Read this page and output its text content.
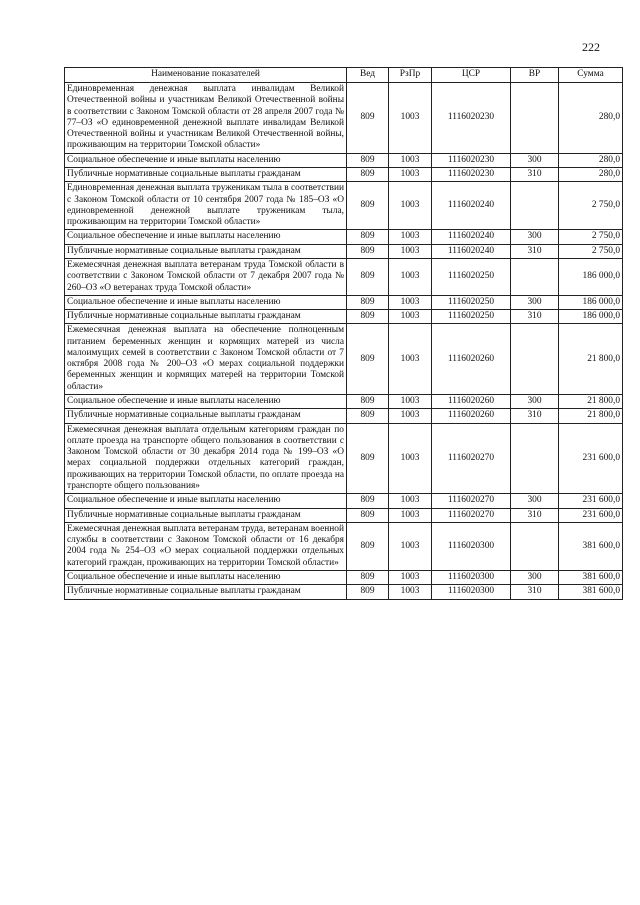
222
Наименование показателей	Вед	РзПр	ЦСР	ВР	Сумма
Единовременная денежная выплата инвалидам Великой Отечественной войны и участникам Великой Отечественной войны в соответствии с Законом Томской области от 28 апреля 2007 года № 77–ОЗ «О единовременной денежной выплате инвалидам Великой Отечественной войны и участникам Великой Отечественной войны, проживающим на территории Томской области»	809	1003	1116020230		280,0
Социальное обеспечение и иные выплаты населению	809	1003	1116020230	300	280,0
Публичные нормативные социальные выплаты гражданам	809	1003	1116020230	310	280,0
Единовременная денежная выплата труженикам тыла в соответствии с Законом Томской области от 10 сентября 2007 года № 185–ОЗ «О единовременной денежной выплате труженикам тыла, проживающим на территории Томской области»	809	1003	1116020240		2 750,0
Социальное обеспечение и иные выплаты населению	809	1003	1116020240	300	2 750,0
Публичные нормативные социальные выплаты гражданам	809	1003	1116020240	310	2 750,0
Ежемесячная денежная выплата ветеранам труда Томской области в соответствии с Законом Томской области от 7 декабря 2007 года № 260–ОЗ «О ветеранах труда Томской области»	809	1003	1116020250		186 000,0
Социальное обеспечение и иные выплаты населению	809	1003	1116020250	300	186 000,0
Публичные нормативные социальные выплаты гражданам	809	1003	1116020250	310	186 000,0
Ежемесячная денежная выплата на обеспечение полноценным питанием беременных женщин и кормящих матерей из числа малоимущих семей в соответствии с Законом Томской области от 7 октября 2008 года № 200–ОЗ «О мерах социальной поддержки беременных женщин и кормящих матерей на территории Томской области»	809	1003	1116020260		21 800,0
Социальное обеспечение и иные выплаты населению	809	1003	1116020260	300	21 800,0
Публичные нормативные социальные выплаты гражданам	809	1003	1116020260	310	21 800,0
Ежемесячная денежная выплата отдельным категориям граждан по оплате проезда на транспорте общего пользования в соответствии с Законом Томской области от 30 декабря 2014 года № 199–ОЗ «О мерах социальной поддержки отдельных категорий граждан, проживающих на территории Томской области, по оплате проезда на транспорте общего пользования»	809	1003	1116020270		231 600,0
Социальное обеспечение и иные выплаты населению	809	1003	1116020270	300	231 600,0
Публичные нормативные социальные выплаты гражданам	809	1003	1116020270	310	231 600,0
Ежемесячная денежная выплата ветеранам труда, ветеранам военной службы в соответствии с Законом Томской области от 16 декабря 2004 года № 254–ОЗ «О мерах социальной поддержки отдельных категорий граждан, проживающих на территории Томской области»	809	1003	1116020300		381 600,0
Социальное обеспечение и иные выплаты населению	809	1003	1116020300	300	381 600,0
Публичные нормативные социальные выплаты гражданам	809	1003	1116020300	310	381 600,0
